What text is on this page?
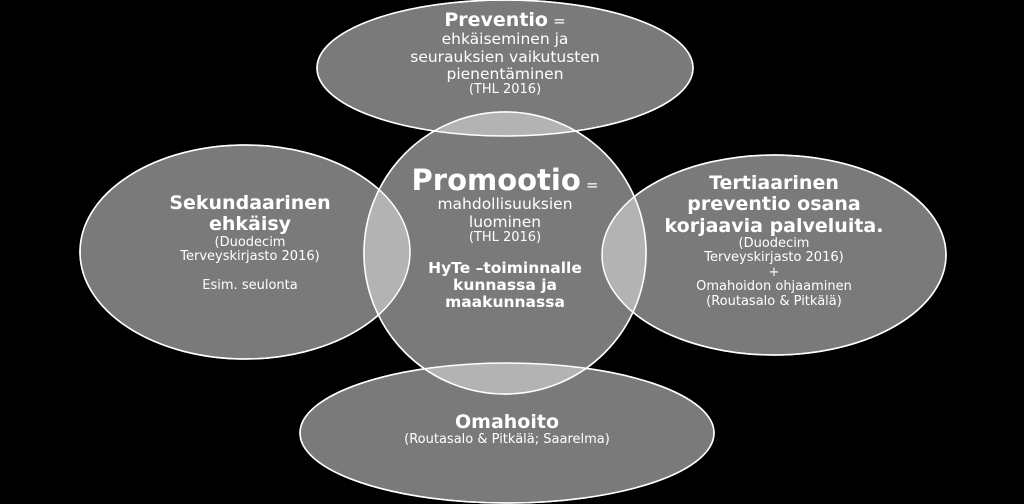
Preventio =
ehkäiseminen ja
seurauksien vaikutusten
pienentäminen
(THL 2016)
Sekundaarinen
ehkäisy
(Duodecim
Terveyskirjasto 2016)
Esim. seulonta
Promootio =
mahdollisuuksien
luominen
(THL 2016)
HyTe –toiminnalle
kunnassa ja
maakunnassa
Tertiaarinen
preventio osana
korjaavia palveluita.
(Duodecim
Terveyskirjasto 2016)
+
Omahoidon ohjaaminen
(Routasalo & Pitkälä)
Omahoito
(Routasalo & Pitkälä; Saarelma)
